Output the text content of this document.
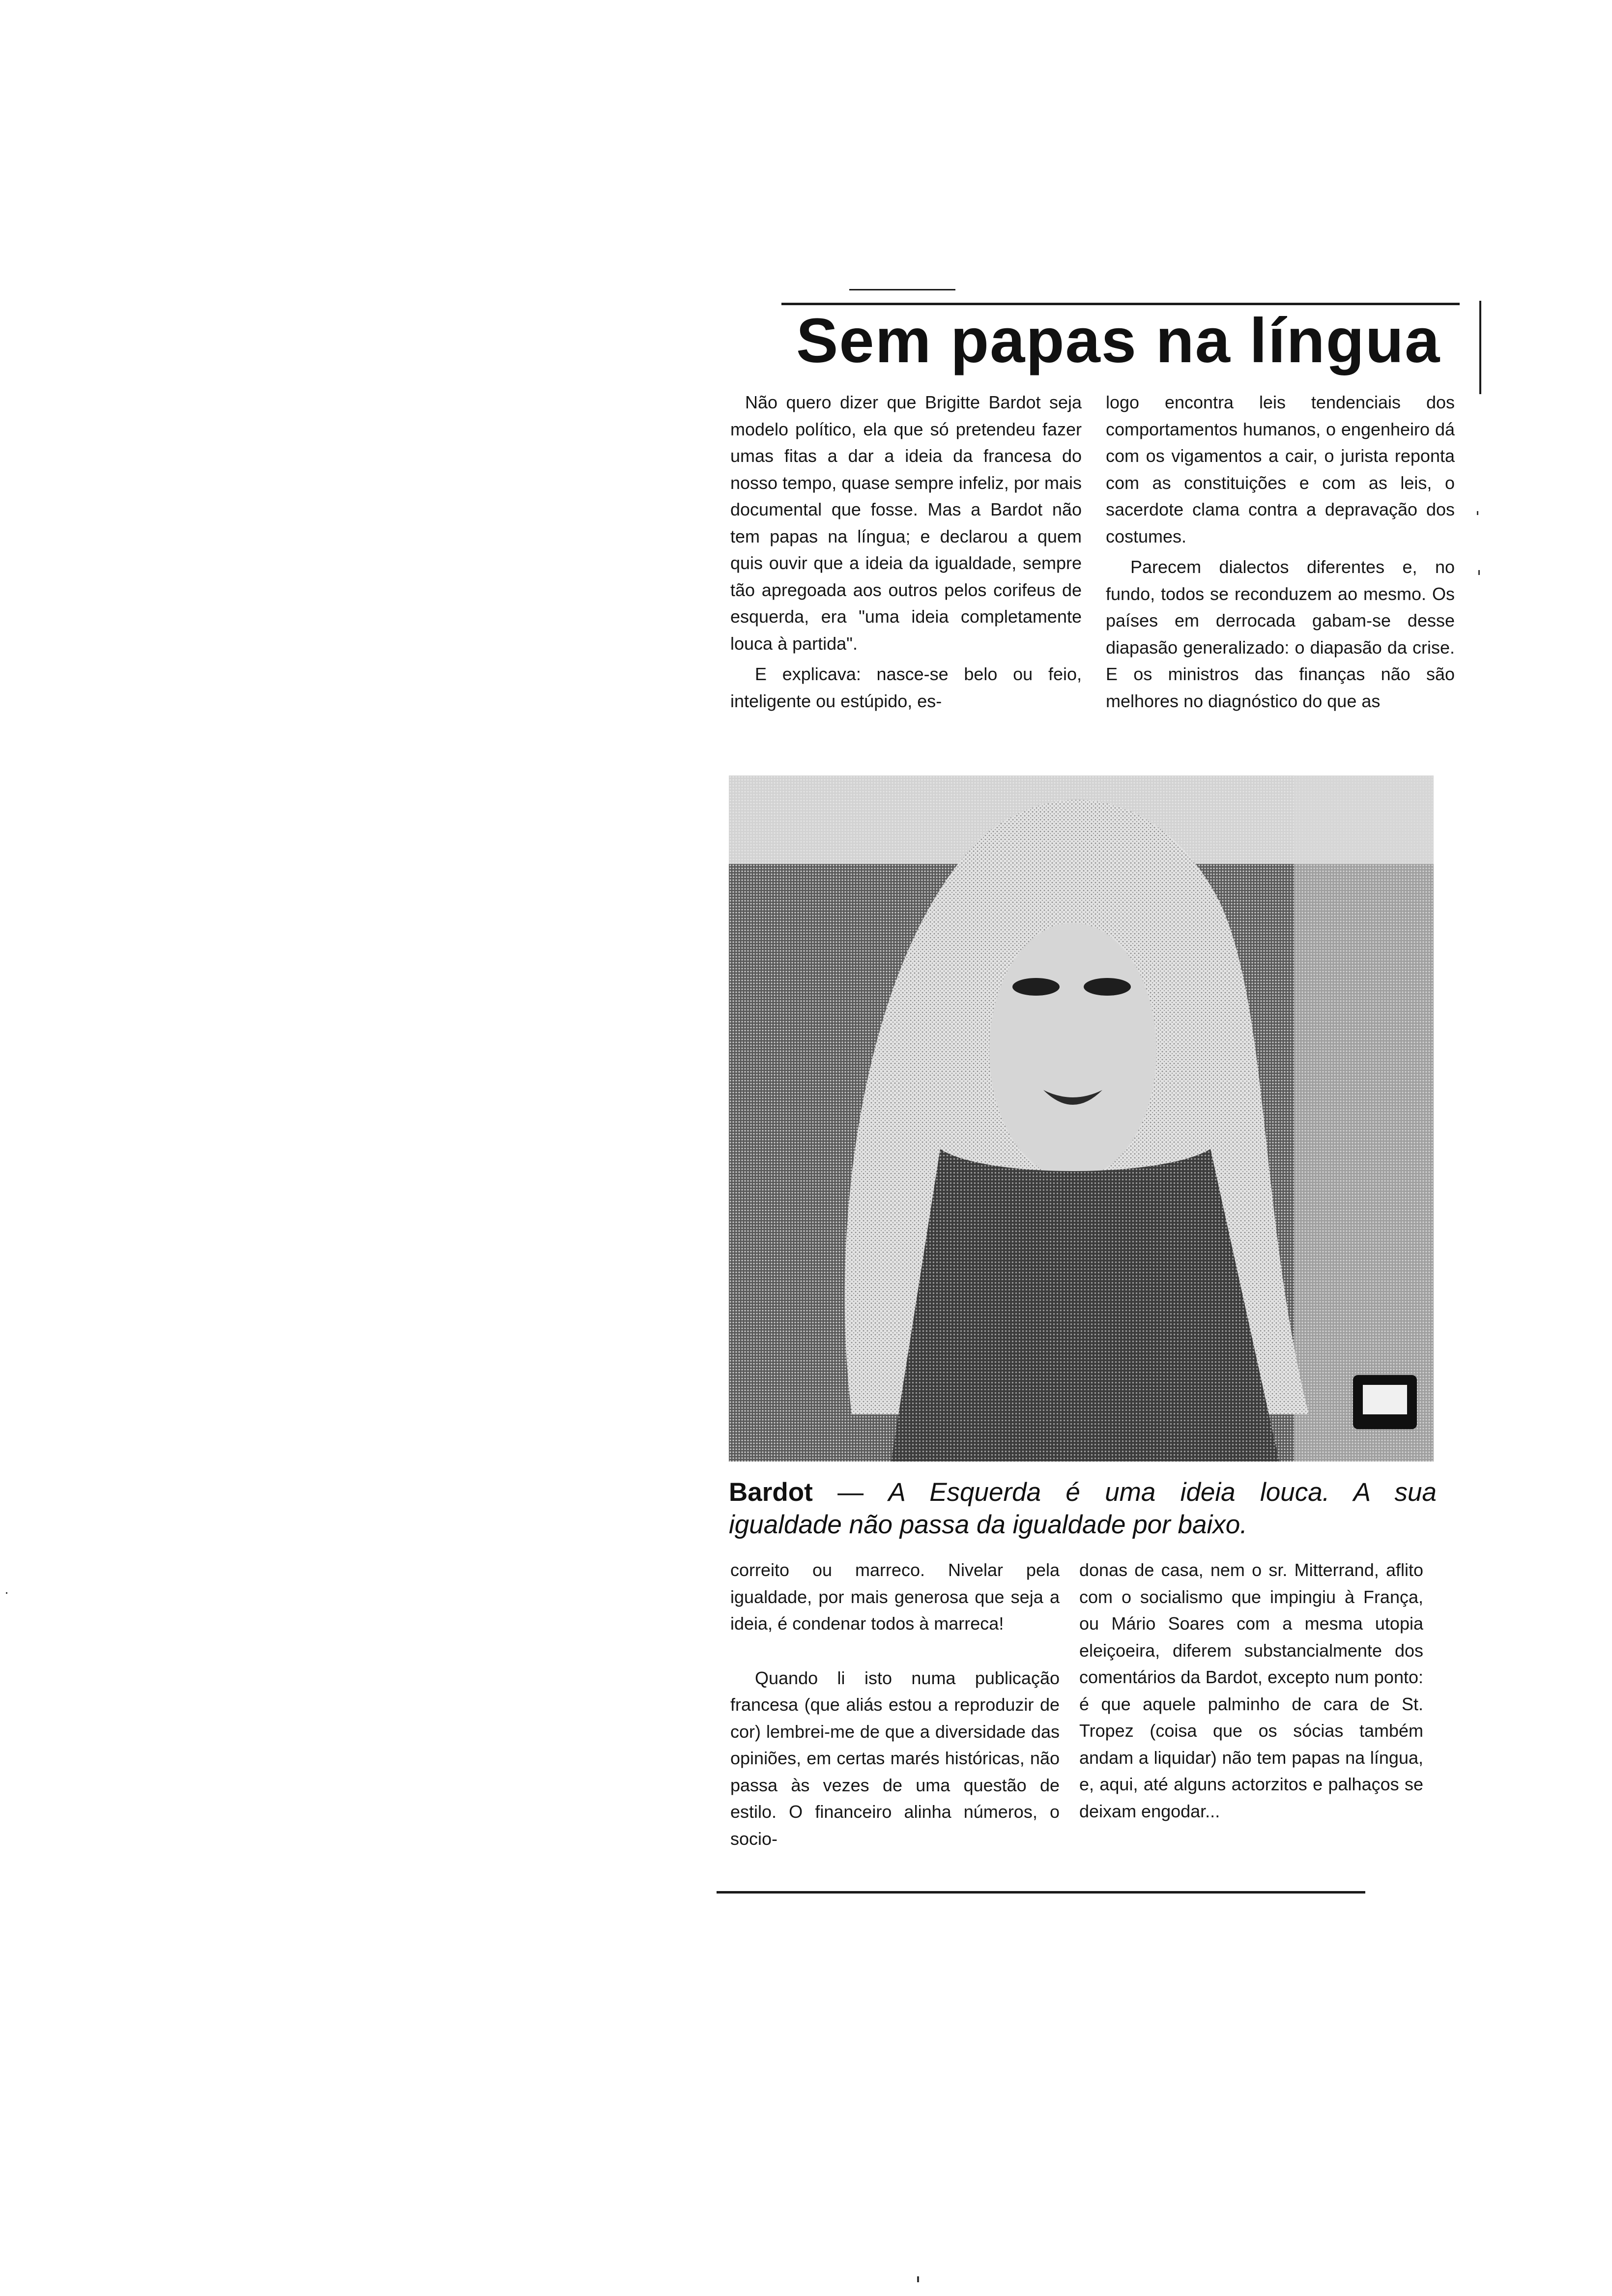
Sem papas na língua

Não quero dizer que Brigitte Bardot seja modelo político, ela que só pretendeu fazer umas fitas a dar a ideia da francesa do nosso tempo, quase sempre infeliz, por mais documental que fosse. Mas a Bardot não tem papas na língua; e declarou a quem quis ouvir que a ideia da igualdade, sempre tão apregoada aos outros pelos corifeus de esquerda, era "uma ideia completamente louca à partida".

E explicava: nasce-se belo ou feio, inteligente ou estúpido, es-

logo encontra leis tendenciais dos comportamentos humanos, o engenheiro dá com os vigamentos a cair, o jurista repontа com as constituições e com as leis, o sacerdote clama contra a depravação dos costumes.

Parecem dialectos diferentes e, no fundo, todos se reconduzem ao mesmo. Os países em derrocada gabam-se desse diapasão generalizado: o diapasão da crise. E os ministros das finanças não são melhores no diagnóstico do que as

Bardot — A Esquerda é uma ideia louca. A sua
igualdade não passa da igualdade por baixo.

correito ou marreco. Nivelar pela igualdade, por mais generosa que seja a ideia, é condenar todos à marreca!

Quando li isto numa publicação francesa (que aliás estou a reproduzir de cor) lembrei-me de que a diversidade das opiniões, em certas marés históricas, não passa às vezes de uma questão de estilo. O financeiro alinha números, o socio-

donas de casa, nem o sr. Mitterrand, aflito com o socialismo que impingiu à França, ou Mário Soares com a mesma utopia eleiçoeira, diferem substancialmente dos comentários da Bardot, excepto num ponto: é que aquele palminho de cara de St. Tropez (coisa que os sócias também andam a liquidar) não tem papas na língua, e, aqui, até alguns actorzitos e palhaços se deixam engodar...
